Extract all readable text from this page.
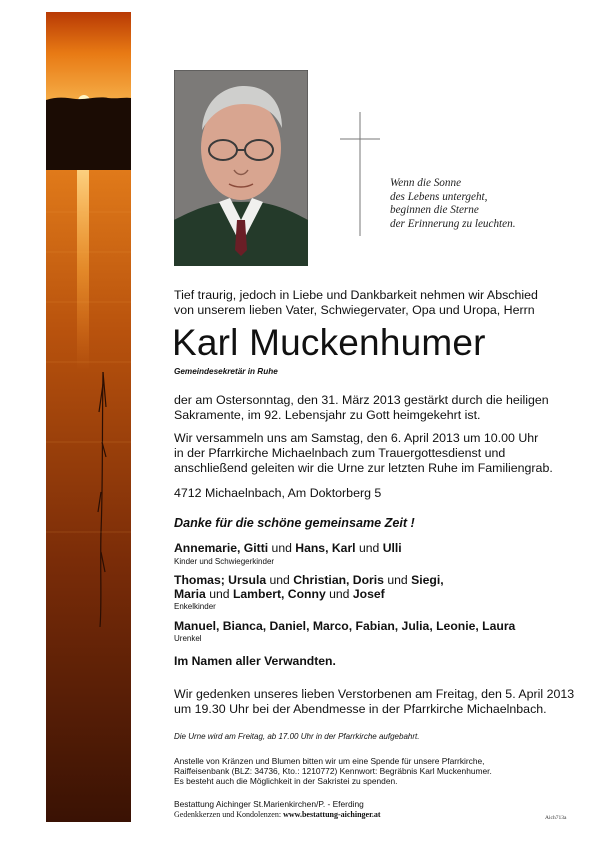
Wenn die Sonne
des Lebens untergeht,
beginnen die Sterne
der Erinnerung zu leuchten.
Tief traurig, jedoch in Liebe und Dankbarkeit nehmen wir Abschied
von unserem lieben Vater, Schwiegervater, Opa und Uropa, Herrn
Karl Muckenhumer
Gemeindesekretär in Ruhe
der am Ostersonntag, den 31. März 2013 gestärkt durch die heiligen
Sakramente, im 92. Lebensjahr zu Gott heimgekehrt ist.
Wir versammeln uns am Samstag, den 6. April 2013 um 10.00 Uhr
in der Pfarrkirche Michaelnbach zum Trauergottesdienst und
anschließend geleiten wir die Urne zur letzten Ruhe im Familiengrab.
4712 Michaelnbach, Am Doktorberg 5
Danke für die schöne gemeinsame Zeit !
Annemarie, Gitti und Hans, Karl und Ulli
Kinder und Schwiegerkinder
Thomas; Ursula und Christian, Doris und Siegi,
Maria und Lambert, Conny und Josef
Enkelkinder
Manuel, Bianca, Daniel, Marco, Fabian, Julia, Leonie, Laura
Urenkel
Im Namen aller Verwandten.
Wir gedenken unseres lieben Verstorbenen am Freitag, den 5. April 2013
um 19.30 Uhr bei der Abendmesse in der Pfarrkirche Michaelnbach.
Die Urne wird am Freitag, ab 17.00 Uhr in der Pfarrkirche aufgebahrt.
Anstelle von Kränzen und Blumen bitten wir um eine Spende für unsere Pfarrkirche,
Raiffeisenbank (BLZ: 34736, Kto.: 1210772) Kennwort: Begräbnis Karl Muckenhumer.
Es besteht auch die Möglichkeit in der Sakristei zu spenden.
Bestattung Aichinger St.Marienkirchen/P. - Eferding
Gedenkkerzen und Kondolenzen: www.bestattung-aichinger.at	Aich713a
